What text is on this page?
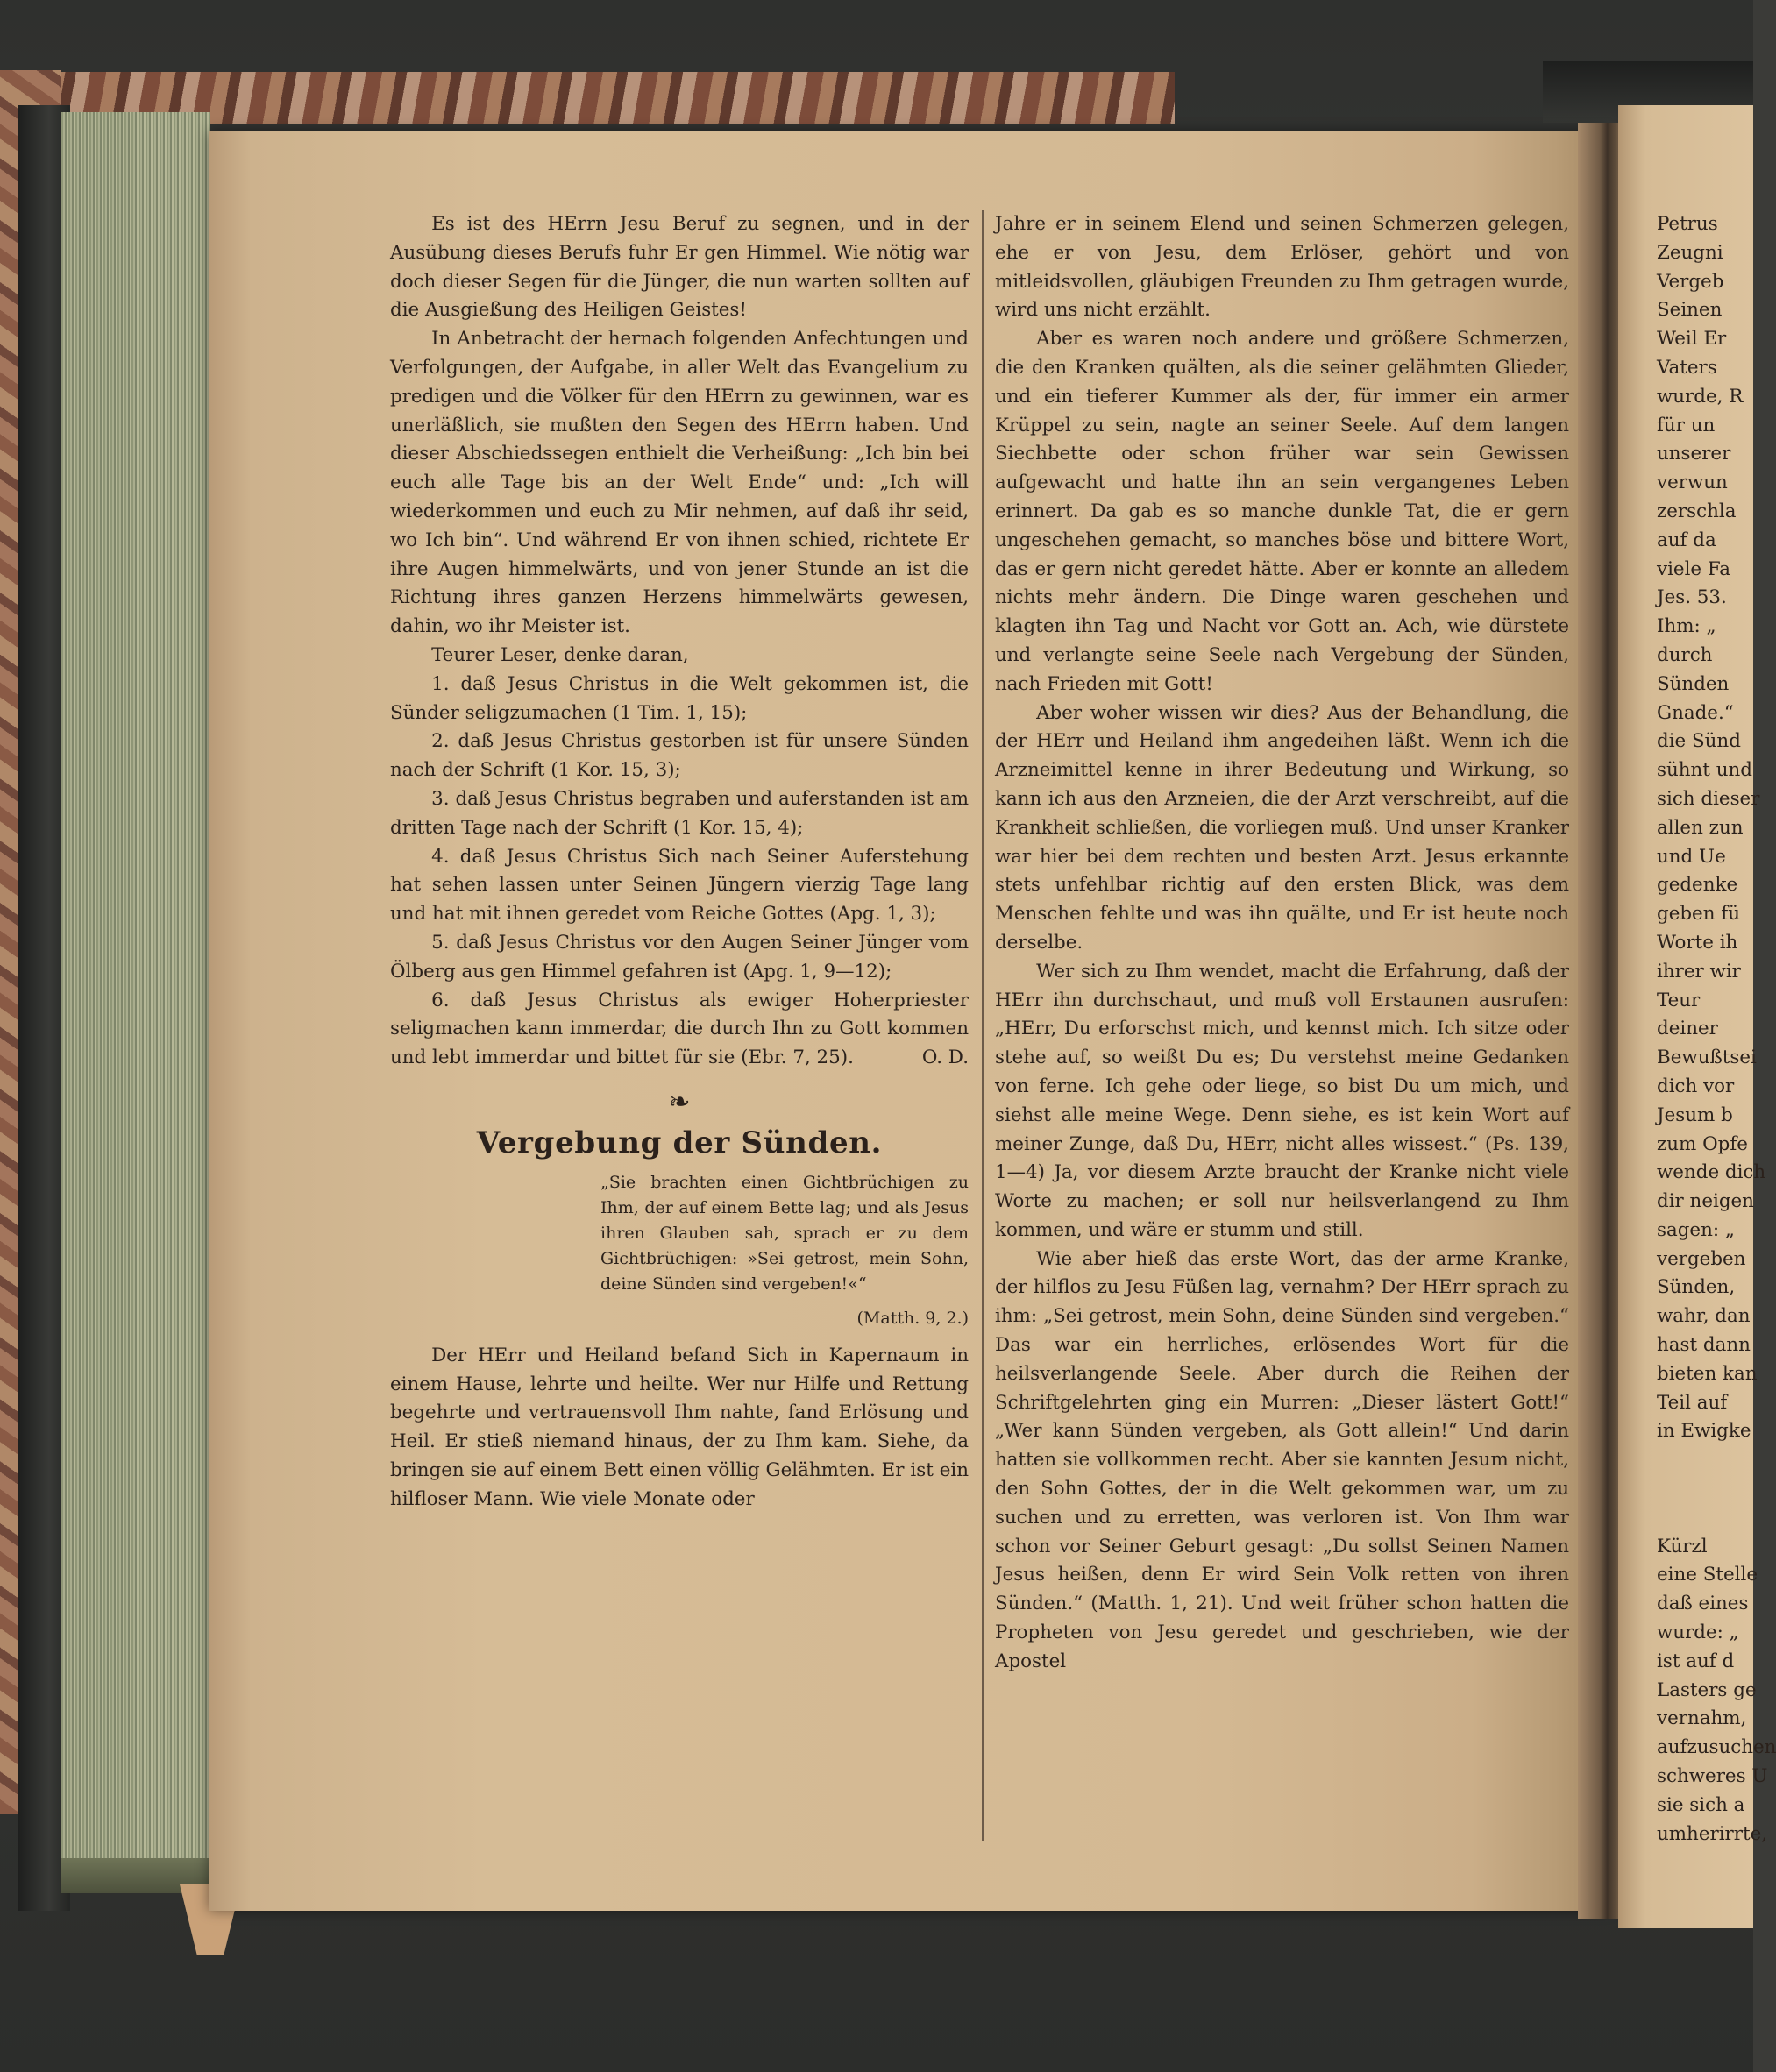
Es ist des HErrn Jesu Beruf zu segnen, und in der Ausübung dieses Berufs fuhr Er gen Himmel. Wie nötig war doch dieser Segen für die Jünger, die nun warten sollten auf die Ausgießung des Heiligen Geistes!

In Anbetracht der hernach folgenden Anfechtungen und Verfolgungen, der Aufgabe, in aller Welt das Evangelium zu predigen und die Völker für den HErrn zu gewinnen, war es unerläßlich, sie mußten den Segen des HErrn haben. Und dieser Abschiedssegen enthielt die Verheißung: „Ich bin bei euch alle Tage bis an der Welt Ende“ und: „Ich will wiederkommen und euch zu Mir nehmen, auf daß ihr seid, wo Ich bin“. Und während Er von ihnen schied, richtete Er ihre Augen himmelwärts, und von jener Stunde an ist die Richtung ihres ganzen Herzens himmelwärts gewesen, dahin, wo ihr Meister ist.

Teurer Leser, denke daran,

1. daß Jesus Christus in die Welt gekommen ist, die Sünder seligzumachen (1 Tim. 1, 15);

2. daß Jesus Christus gestorben ist für unsere Sünden nach der Schrift (1 Kor. 15, 3);

3. daß Jesus Christus begraben und auferstanden ist am dritten Tage nach der Schrift (1 Kor. 15, 4);

4. daß Jesus Christus Sich nach Seiner Auferstehung hat sehen lassen unter Seinen Jüngern vierzig Tage lang und hat mit ihnen geredet vom Reiche Gottes (Apg. 1, 3);

5. daß Jesus Christus vor den Augen Seiner Jünger vom Ölberg aus gen Himmel gefahren ist (Apg. 1, 9—12);

6. daß Jesus Christus als ewiger Hoherpriester seligmachen kann immerdar, die durch Ihn zu Gott kommen und lebt immerdar und bittet für sie (Ebr. 7, 25).	O. D.

❧
Vergebung der Sünden.

„Sie brachten einen Gichtbrüchigen zu Ihm, der auf einem Bette lag; und als Jesus ihren Glauben sah, sprach er zu dem Gichtbrüchigen: »Sei getrost, mein Sohn, deine Sünden sind vergeben!«“

(Matth. 9, 2.)

Der HErr und Heiland befand Sich in Kapernaum in einem Hause, lehrte und heilte. Wer nur Hilfe und Rettung begehrte und vertrauensvoll Ihm nahte, fand Erlösung und Heil. Er stieß niemand hinaus, der zu Ihm kam. Siehe, da bringen sie auf einem Bett einen völlig Gelähmten. Er ist ein hilfloser Mann. Wie viele Monate oder

Jahre er in seinem Elend und seinen Schmerzen gelegen, ehe er von Jesu, dem Erlöser, gehört und von mitleidsvollen, gläubigen Freunden zu Ihm getragen wurde, wird uns nicht erzählt.

Aber es waren noch andere und größere Schmerzen, die den Kranken quälten, als die seiner gelähmten Glieder, und ein tieferer Kummer als der, für immer ein armer Krüppel zu sein, nagte an seiner Seele. Auf dem langen Siechbette oder schon früher war sein Gewissen aufgewacht und hatte ihn an sein vergangenes Leben erinnert. Da gab es so manche dunkle Tat, die er gern ungeschehen gemacht, so manches böse und bittere Wort, das er gern nicht geredet hätte. Aber er konnte an alledem nichts mehr ändern. Die Dinge waren geschehen und klagten ihn Tag und Nacht vor Gott an. Ach, wie dürstete und verlangte seine Seele nach Vergebung der Sünden, nach Frieden mit Gott!

Aber woher wissen wir dies? Aus der Behandlung, die der HErr und Heiland ihm angedeihen läßt. Wenn ich die Arzneimittel kenne in ihrer Bedeutung und Wirkung, so kann ich aus den Arzneien, die der Arzt verschreibt, auf die Krankheit schließen, die vorliegen muß. Und unser Kranker war hier bei dem rechten und besten Arzt. Jesus erkannte stets unfehlbar richtig auf den ersten Blick, was dem Menschen fehlte und was ihn quälte, und Er ist heute noch derselbe.

Wer sich zu Ihm wendet, macht die Erfahrung, daß der HErr ihn durchschaut, und muß voll Erstaunen ausrufen: „HErr, Du erforschst mich, und kennst mich. Ich sitze oder stehe auf, so weißt Du es; Du verstehst meine Gedanken von ferne. Ich gehe oder liege, so bist Du um mich, und siehst alle meine Wege. Denn siehe, es ist kein Wort auf meiner Zunge, daß Du, HErr, nicht alles wissest.“ (Ps. 139, 1—4) Ja, vor diesem Arzte braucht der Kranke nicht viele Worte zu machen; er soll nur heilsverlangend zu Ihm kommen, und wäre er stumm und still.

Wie aber hieß das erste Wort, das der arme Kranke, der hilflos zu Jesu Füßen lag, vernahm? Der HErr sprach zu ihm: „Sei getrost, mein Sohn, deine Sünden sind vergeben.“ Das war ein herrliches, erlösendes Wort für die heilsverlangende Seele. Aber durch die Reihen der Schriftgelehrten ging ein Murren: „Dieser lästert Gott!“ „Wer kann Sünden vergeben, als Gott allein!“ Und darin hatten sie vollkommen recht. Aber sie kannten Jesum nicht, den Sohn Gottes, der in die Welt gekommen war, um zu suchen und zu erretten, was verloren ist. Von Ihm war schon vor Seiner Geburt gesagt: „Du sollst Seinen Namen Jesus heißen, denn Er wird Sein Volk retten von ihren Sünden.“ (Matth. 1, 21). Und weit früher schon hatten die Propheten von Jesu geredet und geschrieben, wie der Apostel

Petrus
Zeugni
Vergeb
Seinen
Weil Er
Vaters
wurde, R
für un
unserer
verwun
zerschla
auf da
viele Fa
Jes. 53.
Ihm: „
durch
Sünden
Gnade.“
die Sünd
sühnt und
sich dieser
allen zun
und Ue
gedenke
geben fü
Worte ih
ihrer wir
Teur
deiner
Bewußtsei
dich vor
Jesum b
zum Opfe
wende dich
dir neigen
sagen: „
vergeben
Sünden,
wahr, dan
hast dann
bieten kan
Teil auf
in Ewigke
Kürzl
eine Stelle
daß eines
wurde: „
ist auf d
Lasters ge
vernahm,
aufzusuchen
schweres U
sie sich a
umherirrte,
